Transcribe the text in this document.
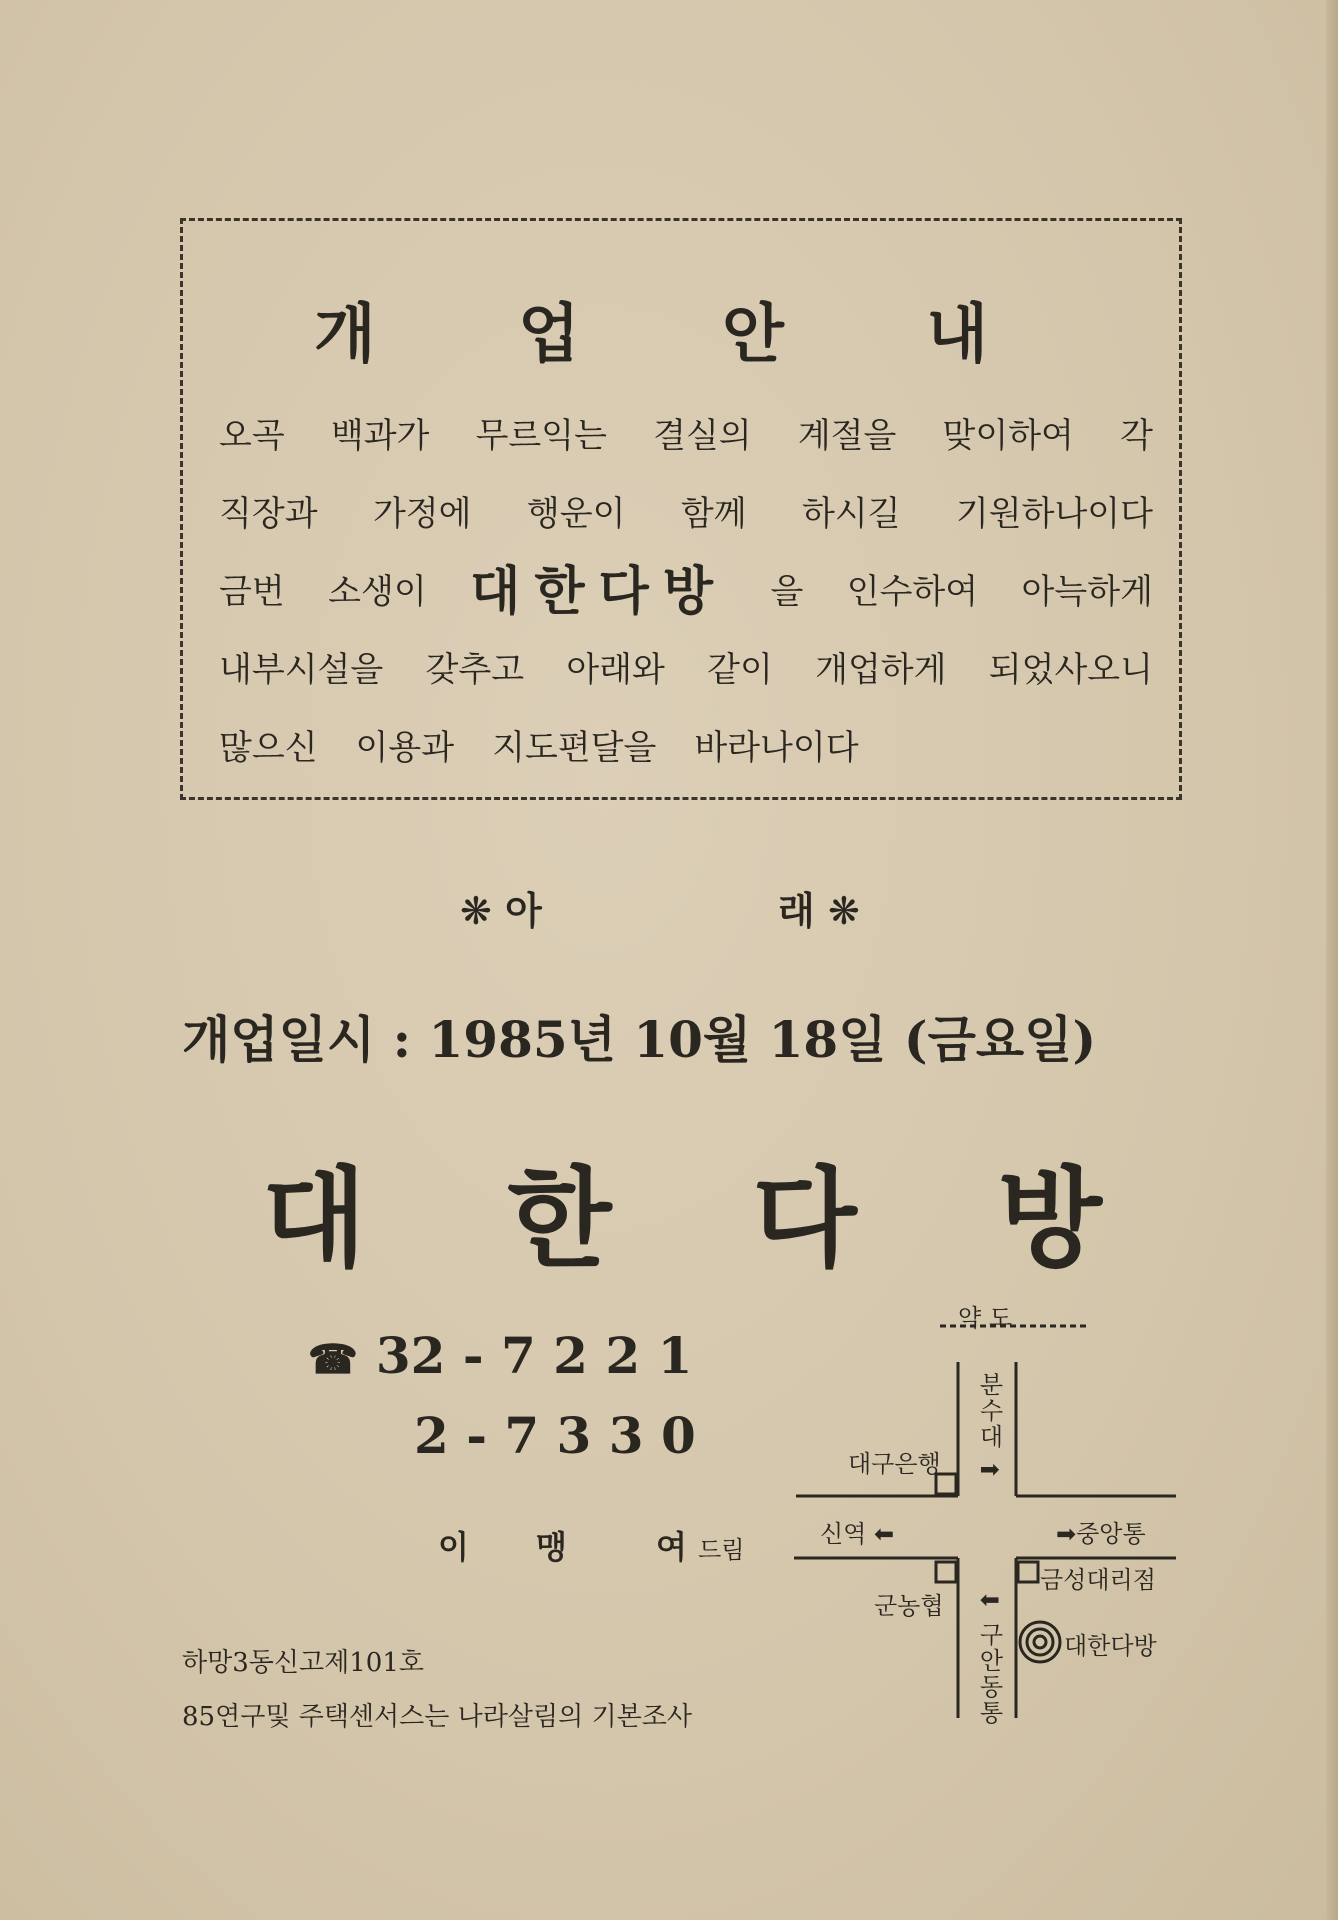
개 업 안 내
오곡 백과가 무르익는 결실의 계절을 맞이하여 각
직장과 가정에 행운이 함께 하시길 기원하나이다
금번 소생이 대한다방 을 인수하여 아늑하게
내부시설을 갖추고 아래와 같이 개업하게 되었사오니
많으신 이용과 지도편달을 바라나이다
❋ 아	래 ❋
개업일시 : 1985년 10월 18일 (금요일)
대 한 다 방
☎ 32 - 7 2 2 1
2 - 7 3 3 0
이 맹	여 드림
하망3동신고제101호
85연구및 주택센서스는 나라살림의 기본조사
약 도
분수대 ⬆
대구은행
신역 ⬅	➡중앙통
군농협 ⬇ 구안동통
금성대리점
대한다방
